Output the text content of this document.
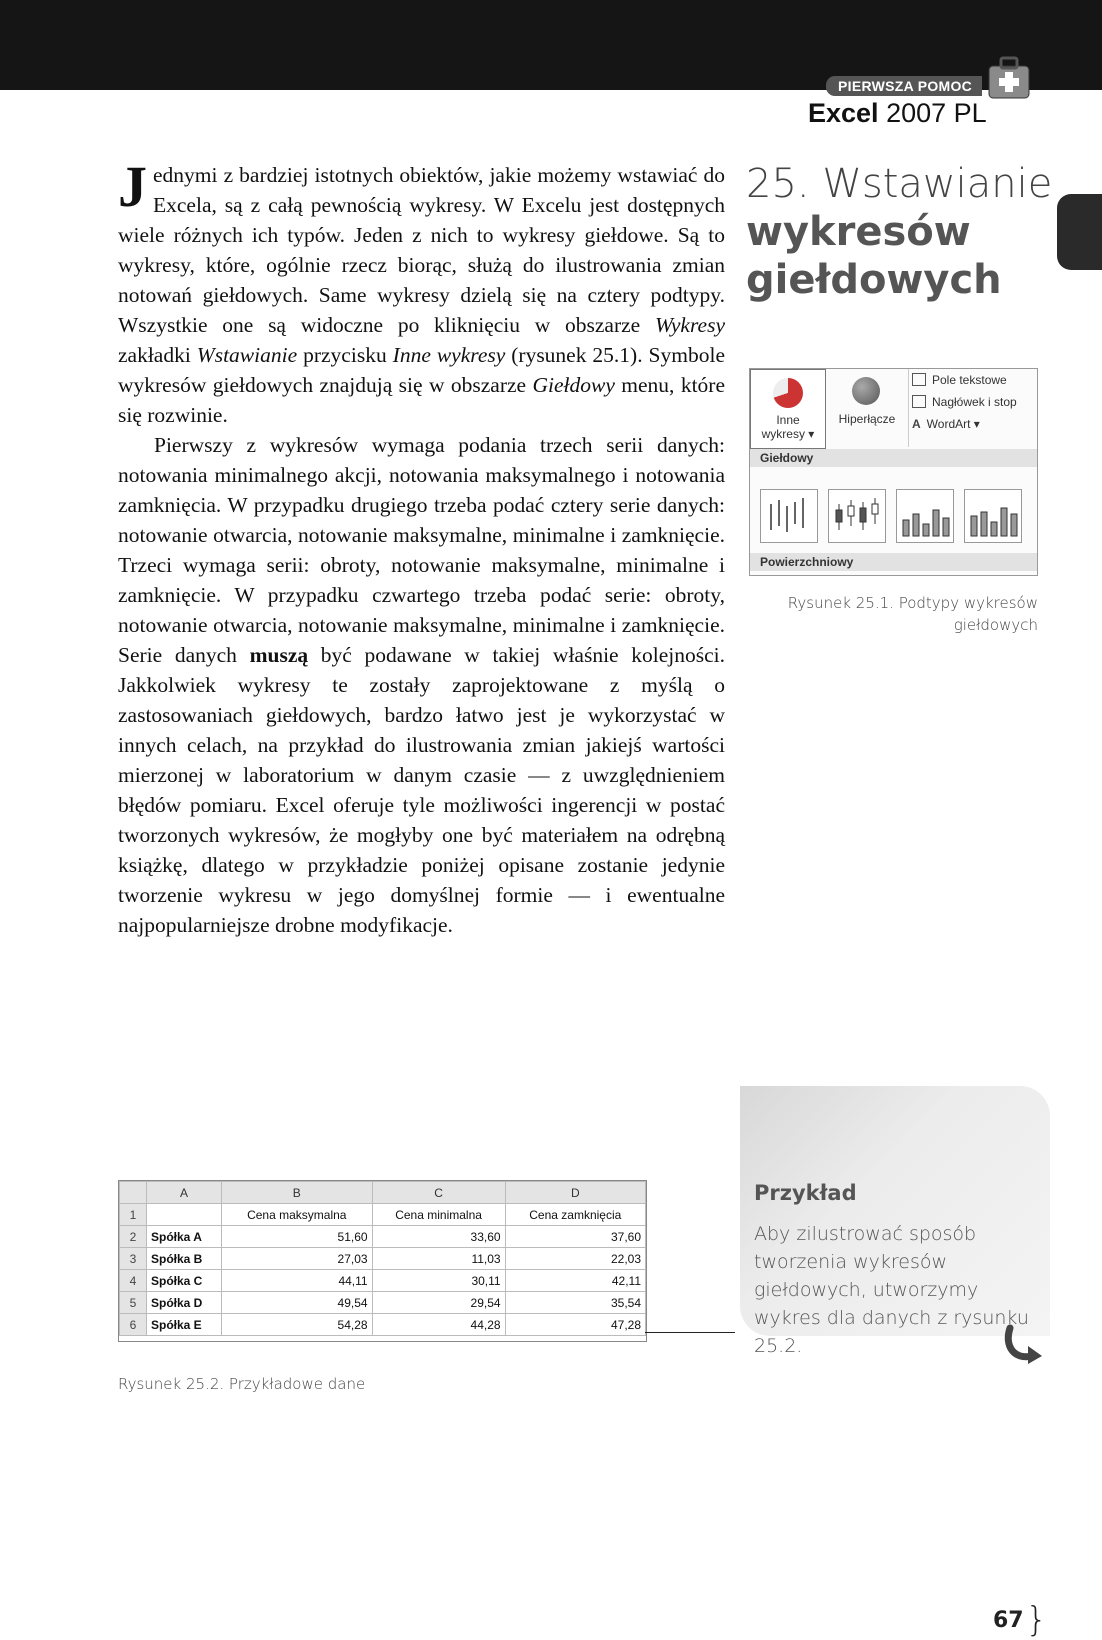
PIERWSZA POMOC
Excel 2007 PL

Jednymi z bardziej istotnych obiektów, jakie możemy wstawiać do Excela, są z całą pewnością wykresy. W Excelu jest dostępnych wiele różnych ich typów. Jeden z nich to wykresy giełdowe. Są to wykresy, które, ogólnie rzecz biorąc, służą do ilustrowania zmian notowań giełdowych. Same wykresy dzielą się na cztery podtypy. Wszystkie one są widoczne po kliknięciu w obszarze Wykresy zakładki Wstawianie przycisku Inne wykresy (rysunek 25.1). Symbole wykresów giełdowych znajdują się w obszarze Giełdowy menu, które się rozwinie.

Pierwszy z wykresów wymaga podania trzech serii danych: notowania minimalnego akcji, notowania maksymalnego i notowania zamknięcia. W przypadku drugiego trzeba podać cztery serie danych: notowanie otwarcia, notowanie maksymalne, minimalne i zamknięcie. Trzeci wymaga serii: obroty, notowanie maksymalne, minimalne i zamknięcie. W przypadku czwartego trzeba podać serie: obroty, notowanie otwarcia, notowanie maksymalne, minimalne i zamknięcie. Serie danych muszą być podawane w takiej właśnie kolejności. Jakkolwiek wykresy te zostały zaprojektowane z myślą o zastosowaniach giełdowych, bardzo łatwo jest je wykorzystać w innych celach, na przykład do ilustrowania zmian jakiejś wartości mierzonej w laboratorium w danym czasie — z uwzględnieniem błędów pomiaru. Excel oferuje tyle możliwości ingerencji w postać tworzonych wykresów, że mogłyby one być materiałem na odrębną książkę, dlatego w przykładzie poniżej opisane zostanie jedynie tworzenie wykresu w jego domyślnej formie — i ewentualne najpopularniejsze drobne modyfikacje.

25. Wstawianie
wykresów
giełdowych
Inne
wykresy ▾
Hiperłącze
Pole tekstowe
Nagłówek i stop
A WordArt ▾
Giełdowy
Powierzchniowy
Rysunek 25.1. Podtypy wykresów
giełdowych
	A	B	C	D
1		Cena maksymalna	Cena minimalna	Cena zamknięcia
2	Spółka A	51,60	33,60	37,60
3	Spółka B	27,03	11,03	22,03
4	Spółka C	44,11	30,11	42,11
5	Spółka D	49,54	29,54	35,54
6	Spółka E	54,28	44,28	47,28
Rysunek 25.2. Przykładowe dane
Przykład
Aby zilustrować sposób tworzenia wykresów giełdowych, utworzymy wykres dla danych z rysunku 25.2.
67}
